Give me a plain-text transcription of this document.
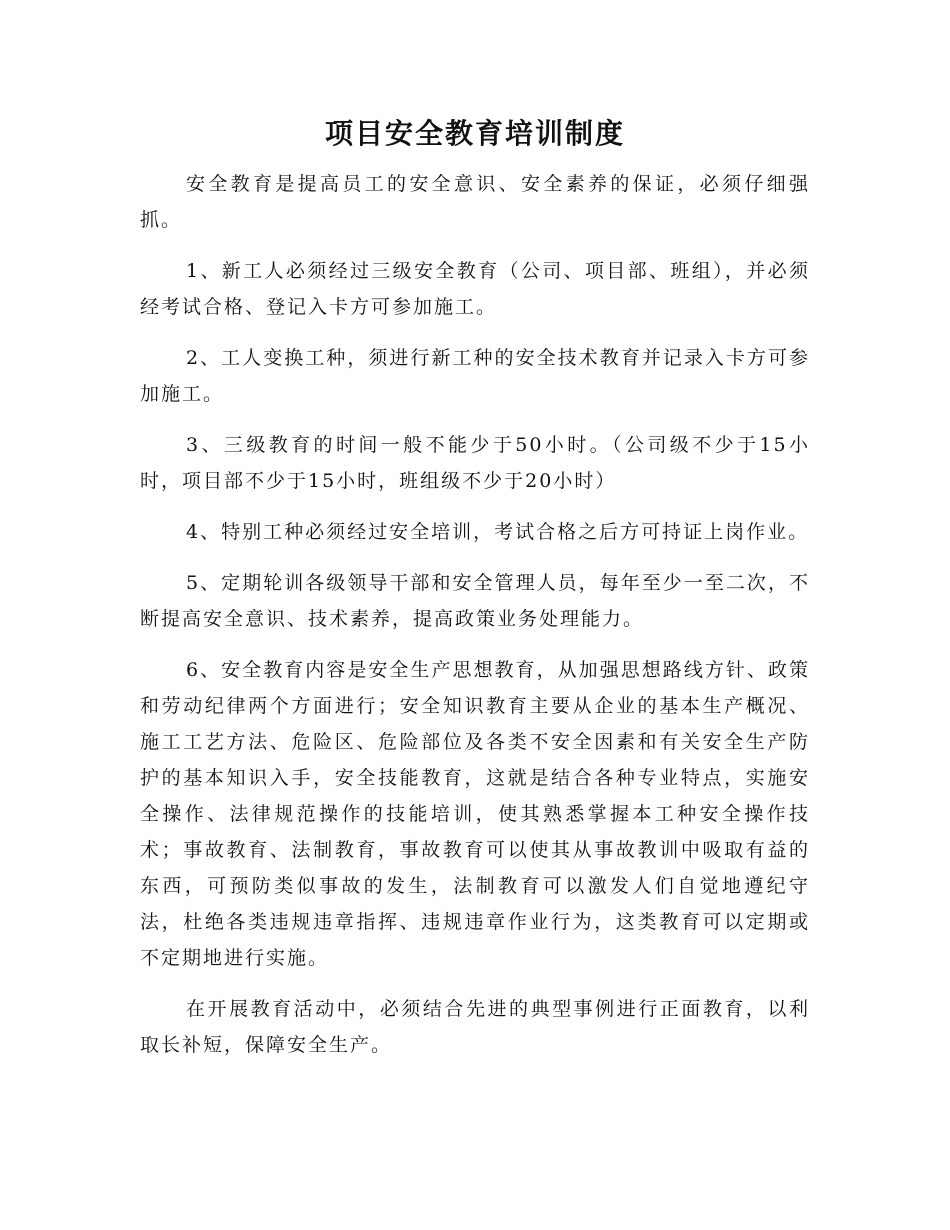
项目安全教育培训制度

安全教育是提高员工的安全意识、安全素养的保证，必须仔细强抓。

1、新工人必须经过三级安全教育（公司、项目部、班组），并必须经考试合格、登记入卡方可参加施工。

2、工人变换工种，须进行新工种的安全技术教育并记录入卡方可参加施工。

3、三级教育的时间一般不能少于50小时。（公司级不少于15小时，项目部不少于15小时，班组级不少于20小时）

4、特别工种必须经过安全培训，考试合格之后方可持证上岗作业。

5、定期轮训各级领导干部和安全管理人员，每年至少一至二次，不断提高安全意识、技术素养，提高政策业务处理能力。

6、安全教育内容是安全生产思想教育，从加强思想路线方针、政策和劳动纪律两个方面进行；安全知识教育主要从企业的基本生产概况、施工工艺方法、危险区、危险部位及各类不安全因素和有关安全生产防护的基本知识入手，安全技能教育，这就是结合各种专业特点，实施安全操作、法律规范操作的技能培训，使其熟悉掌握本工种安全操作技术；事故教育、法制教育，事故教育可以使其从事故教训中吸取有益的东西，可预防类似事故的发生，法制教育可以激发人们自觉地遵纪守法，杜绝各类违规违章指挥、违规违章作业行为，这类教育可以定期或不定期地进行实施。

在开展教育活动中，必须结合先进的典型事例进行正面教育，以利取长补短，保障安全生产。
